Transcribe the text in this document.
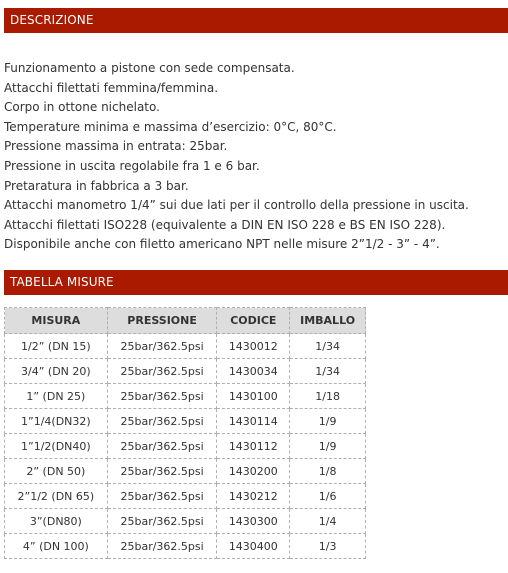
DESCRIZIONE
Funzionamento a pistone con sede compensata.
Attacchi filettati femmina/femmina.
Corpo in ottone nichelato.
Temperature minima e massima d’esercizio: 0°C, 80°C.
Pressione massima in entrata: 25bar.
Pressione in uscita regolabile fra 1 e 6 bar.
Pretaratura in fabbrica a 3 bar.
Attacchi manometro 1/4” sui due lati per il controllo della pressione in uscita.
Attacchi filettati ISO228 (equivalente a DIN EN ISO 228 e BS EN ISO 228).
Disponibile anche con filetto americano NPT nelle misure 2”1/2 - 3” - 4”.
TABELLA MISURE
MISURA	PRESSIONE	CODICE	IMBALLO
1/2” (DN 15)	25bar/362.5psi	1430012	1/34
3/4” (DN 20)	25bar/362.5psi	1430034	1/34
1” (DN 25)	25bar/362.5psi	1430100	1/18
1”1/4(DN32)	25bar/362.5psi	1430114	1/9
1”1/2(DN40)	25bar/362.5psi	1430112	1/9
2” (DN 50)	25bar/362.5psi	1430200	1/8
2”1/2 (DN 65)	25bar/362.5psi	1430212	1/6
3”(DN80)	25bar/362.5psi	1430300	1/4
4” (DN 100)	25bar/362.5psi	1430400	1/3
